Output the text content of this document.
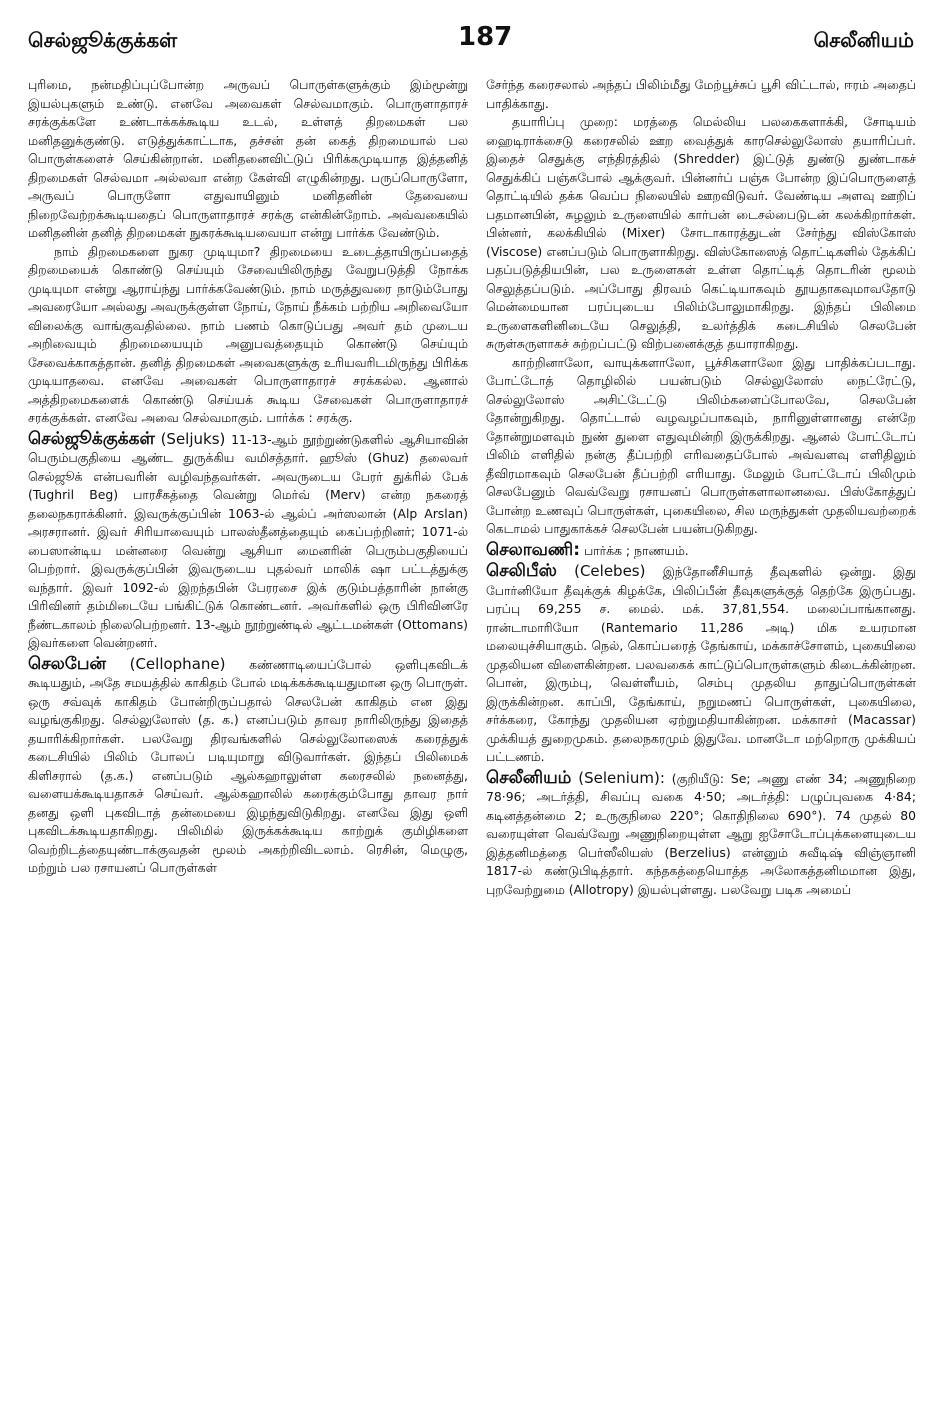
செல்ஜூக்குக்கள்	187	செலீனியம்

புரிமை, நன்மதிப்புப்போன்ற அருவப் பொருள்களுக்கும் இம்மூன்று இயல்புகளும் உண்டு. எனவே அவைகள் செல்வமாகும். பொருளாதாரச் சரக்குக்களே உண்டாக்கக்கூடிய உடல், உள்ளத் திறமைகள் பல மனிதனுக்குண்டு. எடுத்துக்காட்டாக, தச்சன் தன் கைத் திறமையால் பல பொருள்களைச் செய்கின்றான். மனிதனைவிட்டுப் பிரிக்கமுடியாத இத்தனித் திறமைகள் செல்வமா அல்லவா என்ற கேள்வி எழுகின்றது. பருப்பொருளோ, அருவப் பொருளோ எதுவாயினும் மனிதனின் தேவையை நிறைவேற்றக்கூடியதைப் பொருளாதாரச் சரக்கு என்கின்றோம். அவ்வகையில் மனிதனின் தனித் திறமைகள் நுகரக்கூடியவையா என்று பார்க்க வேண்டும்.

நாம் திறமைகளை நுகர முடியுமா? திறமையை உடைத்தாயிருப்பதைத் திறமையைக் கொண்டு செய்யும் சேவையிலிருந்து வேறுபடுத்தி நோக்க முடியுமா என்று ஆராய்ந்து பார்க்கவேண்டும். நாம் மருத்துவரை நாடும்போது அவரையோ அல்லது அவருக்குள்ள நோய், நோய் நீக்கம் பற்றிய அறிவையோ விலைக்கு வாங்குவதில்லை. நாம் பணம் கொடுப்பது அவர் தம் முடைய அறிவையும் திறமையையும் அனுபவத்தையும் கொண்டு செய்யும் சேவைக்காகத்தான். தனித் திறமைகள் அவைகளுக்கு உரியவரிடமிருந்து பிரிக்க முடியாதவை. எனவே அவைகள் பொருளாதாரச் சரக்கல்ல. ஆனால் அத்திறமைகளைக் கொண்டு செய்யக் கூடிய சேவைகள் பொருளாதாரச் சரக்குக்கள். எனவே அவை செல்வமாகும். பார்க்க : சரக்கு.

செல்ஜூக்குக்கள் (Seljuks) 11-13-ஆம் நூற்றுண்டுகளில் ஆசியாவின் பெரும்பகுதியை ஆண்ட துருக்கிய வமிசத்தார். ஹூஸ் (Ghuz) தலைவர் செல்ஜூக் என்பவரின் வழிவந்தவர்கள். அவருடைய பேரர் துக்ரில் பேக் (Tughril Beg) பாரசீகத்தை வென்று மெர்வ் (Merv) என்ற நகரைத் தலைநகராக்கினர். இவருக்குப்பின் 1063-ல் ஆல்ப் அர்ஸலான் (Alp Arslan) அரசரானர். இவர் சிரியாவையும் பாலஸ்தீனத்தையும் கைப்பற்றினர்; 1071-ல் பைஸான்டிய மன்னரை வென்று ஆசியா மைனரின் பெரும்பகுதியைப் பெற்றார். இவருக்குப்பின் இவருடைய புதல்வர் மாலிக் ஷா பட்டத்துக்கு வந்தார். இவர் 1092-ல் இறந்தபின் பேரரசை இக் குடும்பத்தாரின் நான்கு பிரிவினர் தம்மிடையே பங்கிட்டுக் கொண்டனர். அவர்களில் ஒரு பிரிவினரே நீண்டகாலம் நிலைபெற்றனர். 13-ஆம் நூற்றுண்டில் ஆட்டமன்கள் (Ottomans) இவர்களை வென்றனர்.

செலபேன் (Cellophane) கண்ணாடியைப்போல் ஒளிபுகவிடக் கூடியதும், அதே சமயத்தில் காகிதம் போல் மடிக்கக்கூடியதுமான ஒரு பொருள். ஒரு சவ்வுக் காகிதம் போன்றிருப்பதால் செலபேன் காகிதம் என இது வழங்குகிறது. செல்லுலோஸ் (த. க.) எனப்படும் தாவர நாரிலிருந்து இதைத் தயாரிக்கிறார்கள். பலவேறு திரவங்களில் செல்லுலோஸைக் கரைத்துக் கடைசியில் பிலிம் போலப் படியுமாறு விடுவார்கள். இந்தப் பிலிமைக் கிளிசரால் (த.க.) எனப்படும் ஆல்கஹாலுள்ள கரைசலில் நனைத்து, வளையக்கூடியதாகச் செய்வர். ஆல்கஹாலில் கரைக்கும்போது தாவர நார் தனது ஒளி புகவிடாத் தன்மையை இழந்துவிடுகிறது. எனவே இது ஒளி புகவிடக்கூடியதாகிறது. பிலிமில் இருக்கக்கூடிய காற்றுக் குமிழிகளை வெற்றிடத்தையுண்டாக்குவதன் மூலம் அகற்றிவிடலாம். ரெசின், மெழுகு, மற்றும் பல ரசாயனப் பொருள்கள்

சேர்ந்த கரைசலால் அந்தப் பிலிம்மீது மேற்பூச்சுப் பூசி விட்டால், ஈரம் அதைப் பாதிக்காது.

தயாரிப்பு முறை: மரத்தை மெல்லிய பலகைகளாக்கி, சோடியம் ஹைடிராக்சைடு கரைசலில் ஊற வைத்துக் காரசெல்லுலோஸ் தயாரிப்பர். இதைச் செதுக்கு எந்திரத்தில் (Shredder) இட்டுத் துண்டு துண்டாகச் செதுக்கிப் பஞ்சுபோல் ஆக்குவர். பின்னர்ப் பஞ்சு போன்ற இப்பொருளைத் தொட்டியில் தக்க வெப்ப நிலையில் ஊறவிடுவர். வேண்டிய அளவு ஊறிப் பதமானபின், சுழலும் உருளையில் கார்பன் டைசல்பைடுடன் கலக்கிறார்கள். பின்னர், கலக்கியில் (Mixer) சோடாகாரத்துடன் சேர்ந்து விஸ்கோஸ் (Viscose) எனப்படும் பொருளாகிறது. விஸ்கோஸைத் தொட்டிகளில் தேக்கிப் பதப்படுத்தியபின், பல உருளைகள் உள்ள தொட்டித் தொடரின் மூலம் செலுத்தப்படும். அப்போது திரவம் கெட்டியாகவும் தூயதாகவுமாவதோடு மென்மையான பரப்புடைய பிலிம்போலுமாகிறது. இந்தப் பிலிமை உருளைகளினிடையே செலுத்தி, உலர்த்திக் கடைசியில் செலபேன் சுருள்சுருளாகச் சுற்றப்பட்டு விற்பனைக்குத் தயாராகிறது.

காற்றினாலோ, வாயுக்களாலோ, பூச்சிகளாலோ இது பாதிக்கப்படாது. போட்டோத் தொழிலில் பயன்படும் செல்லுலோஸ் நைட்ரேட்டு, செல்லுலோஸ் அசிட்டேட்டு பிலிம்களைப்போலவே, செலபேன் தோன்றுகிறது. தொட்டால் வழவழப்பாகவும், நாரினுள்ளானது என்றே தோன்றுமளவும் நுண் துளை எதுவுமின்றி இருக்கிறது. ஆனல் போட்டோப் பிலிம் எளிதில் நன்கு தீப்பற்றி எரிவதைப்போல் அவ்வளவு எளிதிலும் தீவிரமாகவும் செலபேன் தீப்பற்றி எரியாது. மேலும் போட்டோப் பிலிமும் செலபேனும் வெவ்வேறு ரசாயனப் பொருள்களாலானவை. பிஸ்கோத்துப் போன்ற உணவுப் பொருள்கள், புகையிலை, சில மருந்துகள் முதலியவற்றைக் கெடாமல் பாதுகாக்கச் செலபேன் பயன்படுகிறது.

செலாவணி: பார்க்க ; நாணயம்.

செலிபீஸ் (Celebes) இந்தோனீசியாத் தீவுகளில் ஒன்று. இது போர்னியோ தீவுக்குக் கிழக்கே, பிலிப்பீன் தீவுகளுக்குத் தெற்கே இருப்பது. பரப்பு 69,255 ச. மைல். மக். 37,81,554. மலைப்பாங்கானது. ரான்டாமாரியோ (Rantemario 11,286 அடி) மிக உயரமான மலையுச்சியாகும். நெல், கொப்பரைத் தேங்காய், மக்காச்சோளம், புகையிலை முதலியன விளைகின்றன. பலவகைக் காட்டுப்பொருள்களும் கிடைக்கின்றன. பொன், இரும்பு, வெள்ளீயம், செம்பு முதலிய தாதுப்பொருள்கள் இருக்கின்றன. காப்பி, தேங்காய், நறுமணப் பொருள்கள், புகையிலை, சர்க்கரை, கோந்து முதலியன ஏற்றுமதியாகின்றன. மக்காசர் (Macassar) முக்கியத் துறைமுகம். தலைநகரமும் இதுவே. மானடோ மற்றொரு முக்கியப் பட்டணம்.

செலீனியம் (Selenium): (குறியீடு: Se; அணு எண் 34; அணுநிறை 78·96; அடர்த்தி, சிவப்பு வகை 4·50; அடர்த்தி: பழுப்புவகை 4·84; கடினத்தன்மை 2; உருகுநிலை 220°; கொதிநிலை 690°). 74 முதல் 80 வரையுள்ள வெவ்வேறு அணுநிறையுள்ள ஆறு ஐசோடோப்புக்களையுடைய இத்தனிமத்தை பெர்ஸீலியஸ் (Berzelius) என்னும் சுவீடிஷ் விஞ்ஞானி 1817-ல் கண்டுபிடித்தார். கந்தகத்தையொத்த அலோகத்தனிமமான இது, புறவேற்றுமை (Allotropy) இயல்புள்ளது. பலவேறு படிக அமைப்
